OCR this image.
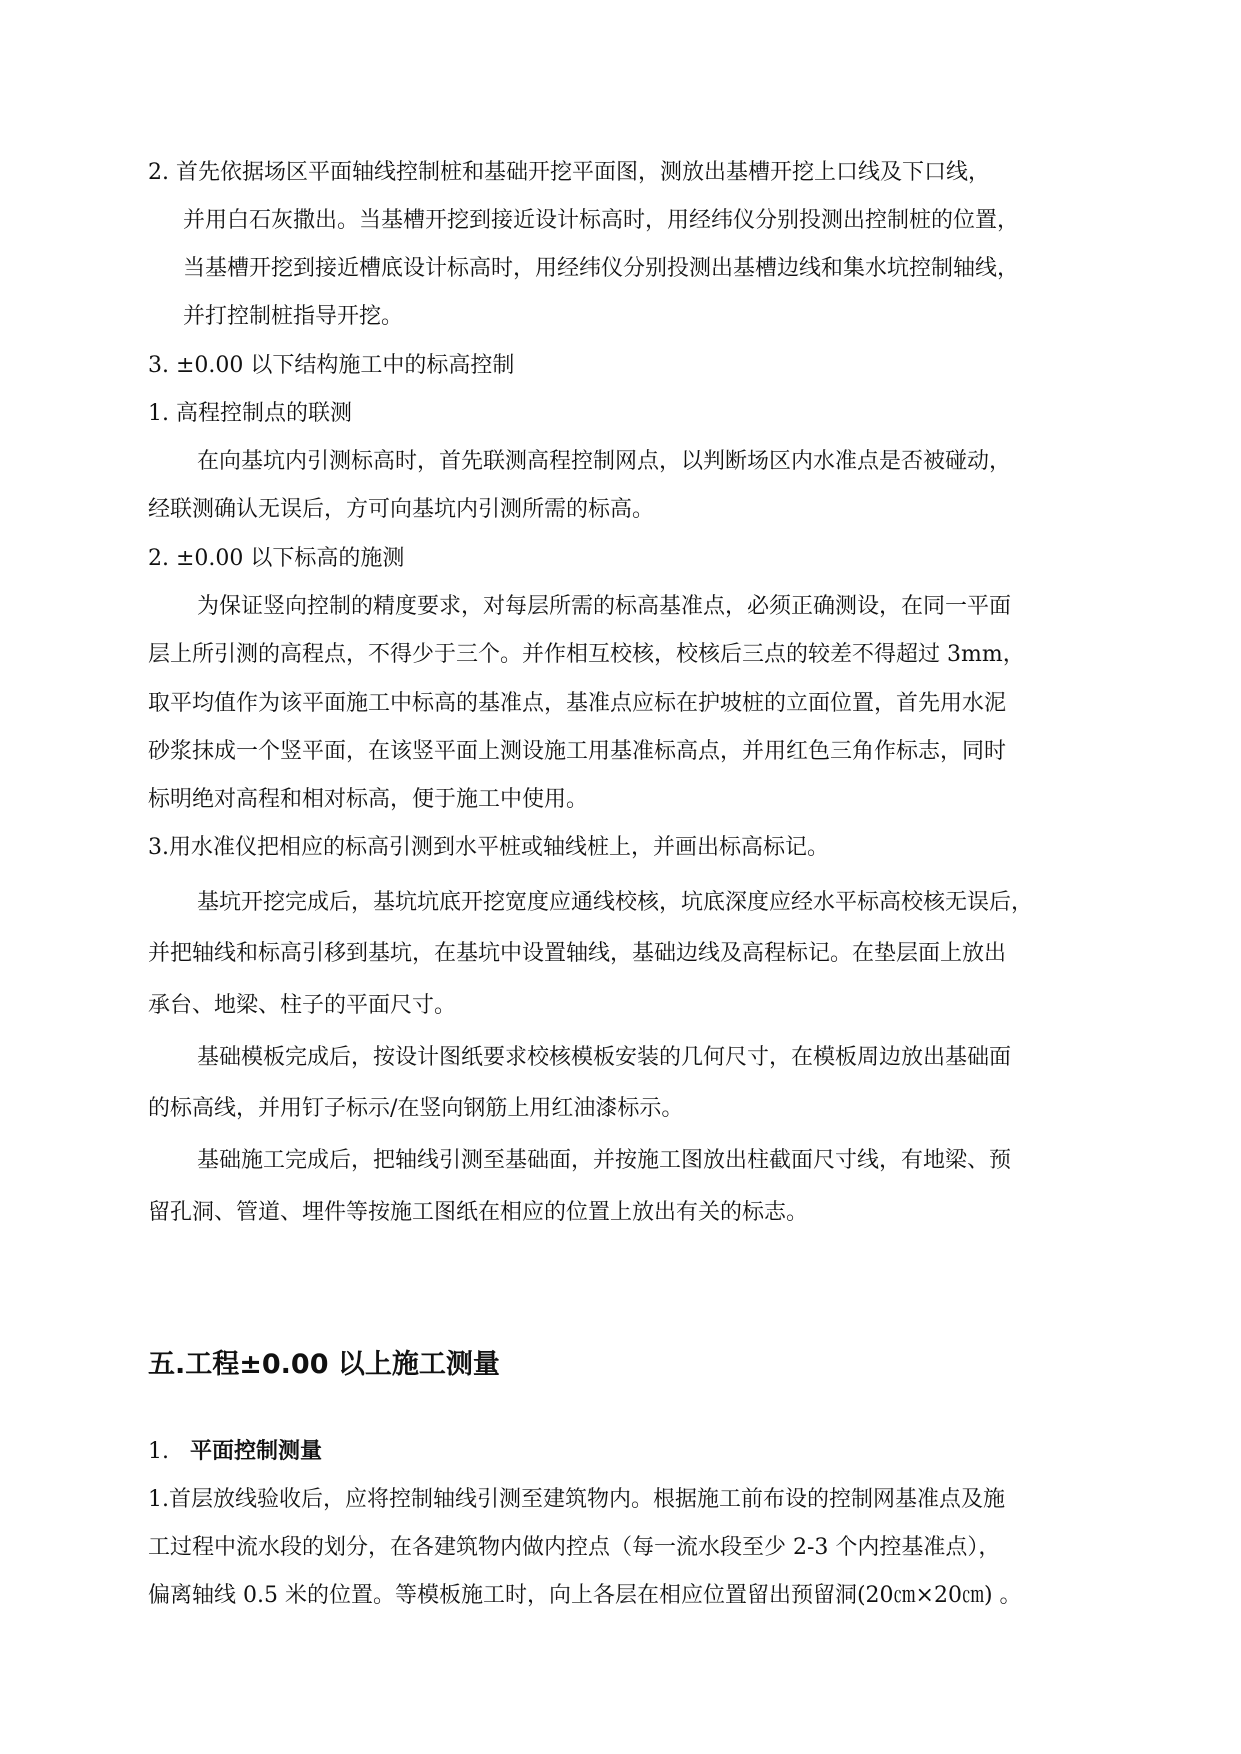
2. 首先依据场区平面轴线控制桩和基础开挖平面图，测放出基槽开挖上口线及下口线，
并用白石灰撒出。当基槽开挖到接近设计标高时，用经纬仪分别投测出控制桩的位置，
当基槽开挖到接近槽底设计标高时，用经纬仪分别投测出基槽边线和集水坑控制轴线，
并打控制桩指导开挖。
3. ±0.00 以下结构施工中的标高控制
1. 高程控制点的联测
在向基坑内引测标高时，首先联测高程控制网点，以判断场区内水准点是否被碰动，
经联测确认无误后，方可向基坑内引测所需的标高。
2. ±0.00 以下标高的施测
为保证竖向控制的精度要求，对每层所需的标高基准点，必须正确测设，在同一平面
层上所引测的高程点，不得少于三个。并作相互校核，校核后三点的较差不得超过 3mm，
取平均值作为该平面施工中标高的基准点，基准点应标在护坡桩的立面位置，首先用水泥
砂浆抹成一个竖平面，在该竖平面上测设施工用基准标高点，并用红色三角作标志，同时
标明绝对高程和相对标高，便于施工中使用。
3.用水准仪把相应的标高引测到水平桩或轴线桩上，并画出标高标记。
基坑开挖完成后，基坑坑底开挖宽度应通线校核，坑底深度应经水平标高校核无误后，
并把轴线和标高引移到基坑，在基坑中设置轴线，基础边线及高程标记。在垫层面上放出
承台、地梁、柱子的平面尺寸。
基础模板完成后，按设计图纸要求校核模板安装的几何尺寸，在模板周边放出基础面
的标高线，并用钉子标示/在竖向钢筋上用红油漆标示。
基础施工完成后，把轴线引测至基础面，并按施工图放出柱截面尺寸线，有地梁、预
留孔洞、管道、埋件等按施工图纸在相应的位置上放出有关的标志。
五.工程±0.00 以上施工测量
1. 平面控制测量
1.首层放线验收后，应将控制轴线引测至建筑物内。根据施工前布设的控制网基准点及施
工过程中流水段的划分，在各建筑物内做内控点（每一流水段至少 2-3 个内控基准点），
偏离轴线 0.5 米的位置。等模板施工时，向上各层在相应位置留出预留洞(20㎝×20㎝) 。
